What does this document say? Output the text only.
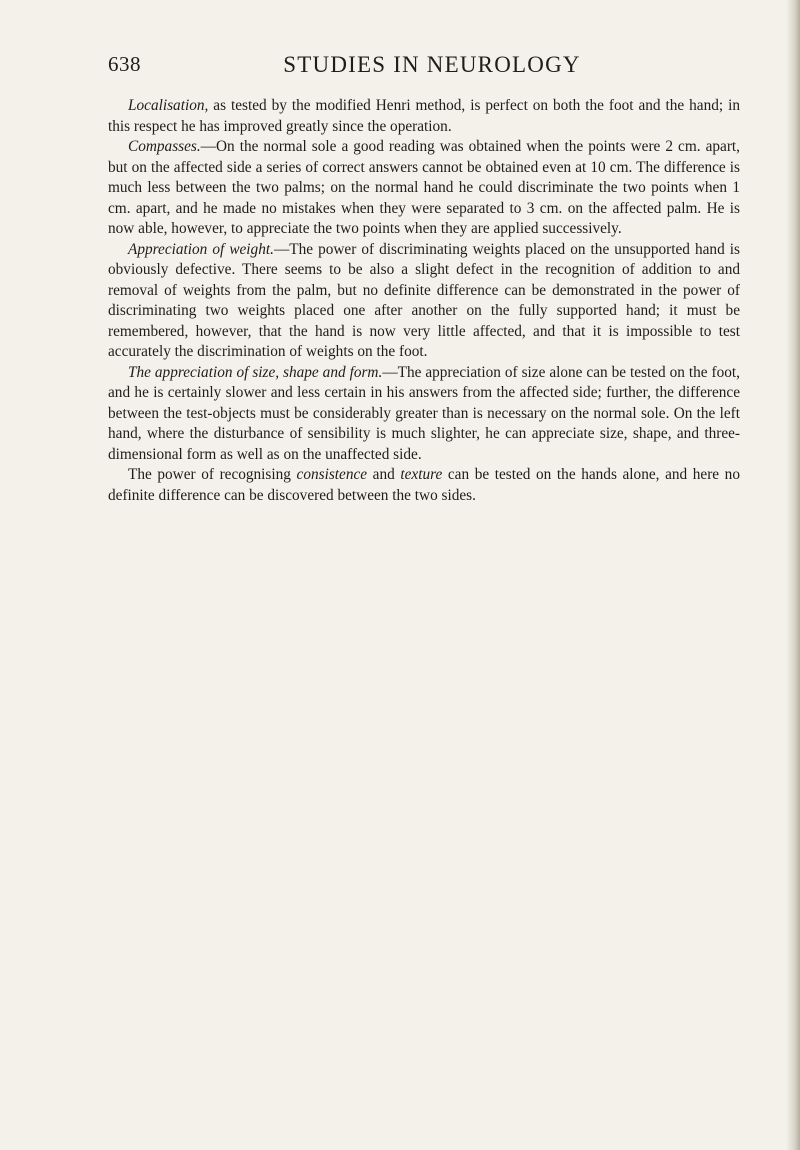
638	STUDIES IN NEUROLOGY

Localisation, as tested by the modified Henri method, is perfect on both the foot and the hand; in this respect he has improved greatly since the operation.

Compasses.—On the normal sole a good reading was obtained when the points were 2 cm. apart, but on the affected side a series of correct answers cannot be obtained even at 10 cm. The difference is much less between the two palms; on the normal hand he could discriminate the two points when 1 cm. apart, and he made no mistakes when they were separated to 3 cm. on the affected palm. He is now able, however, to appreciate the two points when they are applied successively.

Appreciation of weight.—The power of discriminating weights placed on the unsupported hand is obviously defective. There seems to be also a slight defect in the recognition of addition to and removal of weights from the palm, but no definite difference can be demonstrated in the power of discriminating two weights placed one after another on the fully supported hand; it must be remembered, however, that the hand is now very little affected, and that it is impossible to test accurately the discrimination of weights on the foot.

The appreciation of size, shape and form.—The appreciation of size alone can be tested on the foot, and he is certainly slower and less certain in his answers from the affected side; further, the difference between the test-objects must be considerably greater than is necessary on the normal sole. On the left hand, where the disturbance of sensibility is much slighter, he can appreciate size, shape, and three-dimensional form as well as on the unaffected side.

The power of recognising consistence and texture can be tested on the hands alone, and here no definite difference can be discovered between the two sides.
